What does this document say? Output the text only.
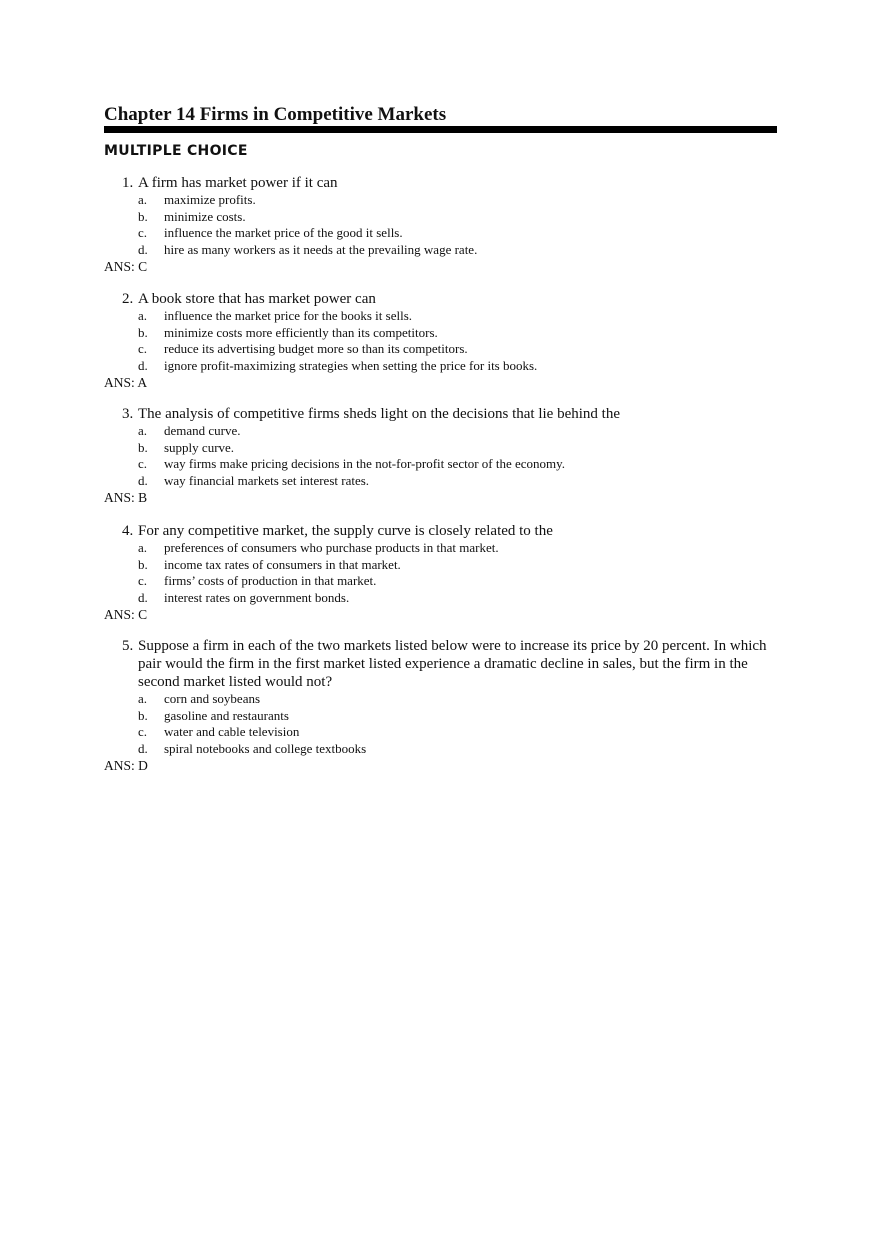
Chapter 14 Firms in Competitive Markets
MULTIPLE CHOICE
1. A firm has market power if it can
a. maximize profits.
b. minimize costs.
c. influence the market price of the good it sells.
d. hire as many workers as it needs at the prevailing wage rate.
ANS: C
2. A book store that has market power can
a. influence the market price for the books it sells.
b. minimize costs more efficiently than its competitors.
c. reduce its advertising budget more so than its competitors.
d. ignore profit-maximizing strategies when setting the price for its books.
ANS: A
3. The analysis of competitive firms sheds light on the decisions that lie behind the
a. demand curve.
b. supply curve.
c. way firms make pricing decisions in the not-for-profit sector of the economy.
d. way financial markets set interest rates.
ANS: B
4. For any competitive market, the supply curve is closely related to the
a. preferences of consumers who purchase products in that market.
b. income tax rates of consumers in that market.
c. firms’ costs of production in that market.
d. interest rates on government bonds.
ANS: C
5. Suppose a firm in each of the two markets listed below were to increase its price by 20 percent. In which pair would the firm in the first market listed experience a dramatic decline in sales, but the firm in the second market listed would not?
a. corn and soybeans
b. gasoline and restaurants
c. water and cable television
d. spiral notebooks and college textbooks
ANS: D
